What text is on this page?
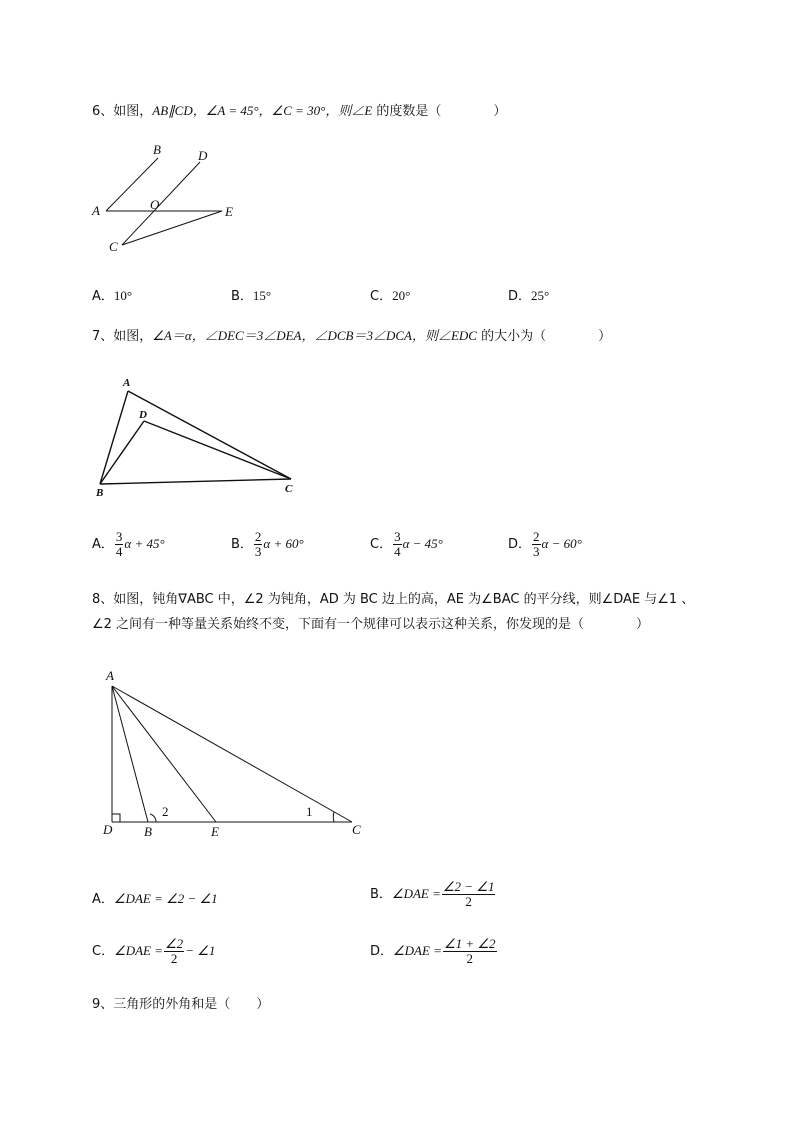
6、如图，AB∥CD，∠A = 45°，∠C = 30°，则∠E 的度数是（　　　　）
A
B	D
O	E
C
A．10°	B．15°	C．20°	D．25°
7、如图，∠A＝α，∠DEC＝3∠DEA，∠DCB＝3∠DCA，则∠EDC 的大小为（　　　　）
A
D
B	C
A． $\frac{3}{4}$ α + 45°	B． $\frac{2}{3}$ α + 60°	C． $\frac{3}{4}$ α − 45°	D． $\frac{2}{3}$ α − 60°
8、如图，钝角∇ABC 中，∠2 为钝角，AD 为 BC 边上的高，AE 为∠BAC 的平分线，则∠DAE 与∠1 、
∠2 之间有一种等量关系始终不变，下面有一个规律可以表示这种关系，你发现的是（　　　　）
A
D B	E	C
2	1
A．∠DAE = ∠2 − ∠1	B．∠DAE = $\frac{\angle 2 - \angle 1}{2}$
C．∠DAE = $\frac{\angle 2}{2}$ − ∠1	D．∠DAE = $\frac{\angle 1 + \angle 2}{2}$
9、三角形的外角和是（　　）
